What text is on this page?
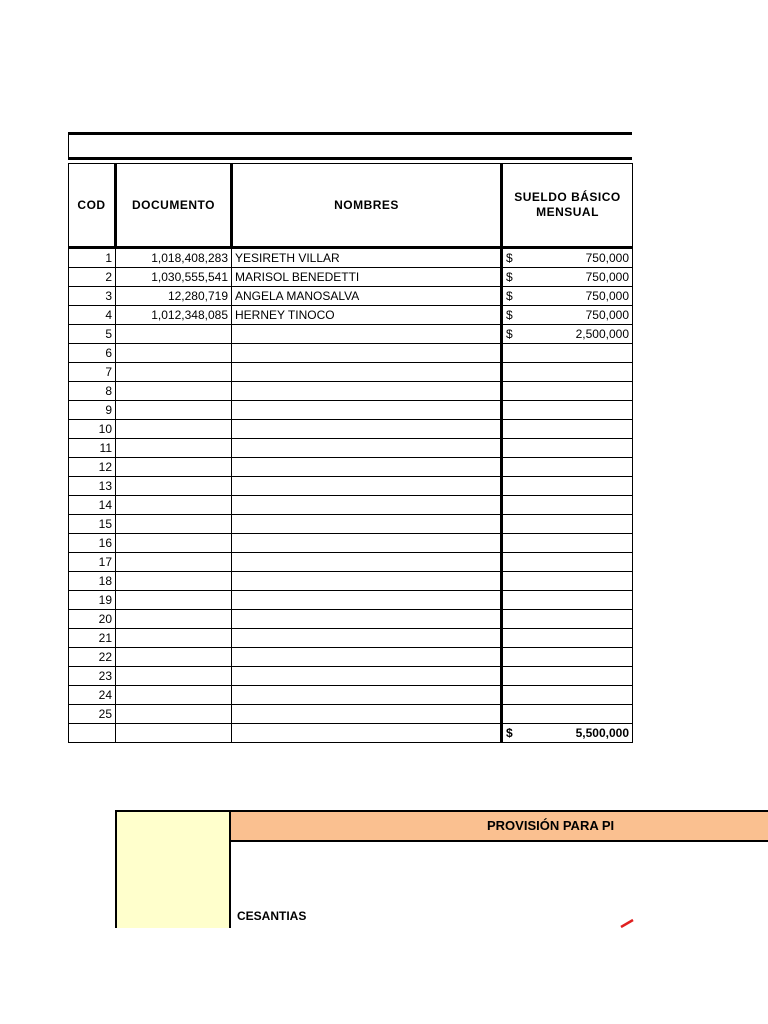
COD	DOCUMENTO	NOMBRES	SUELDO BÁSICO MENSUAL
1	1,018,408,283	YESIRETH VILLAR	$ 750,000

2	1,030,555,541	MARISOL BENEDETTI	$ 750,000

3	12,280,719	ANGELA MANOSALVA	$ 750,000

4	1,012,348,085	HERNEY TINOCO	$ 750,000

5			$ 2,500,000

6			
7			
8			
9			
10			
11			
12			
13			
14			
15			
16			
17			
18			
19			
20			
21			
22			
23			
24			
25			

			$ 5,500,000
PROVISIÓN PARA PI
CESANTIAS
